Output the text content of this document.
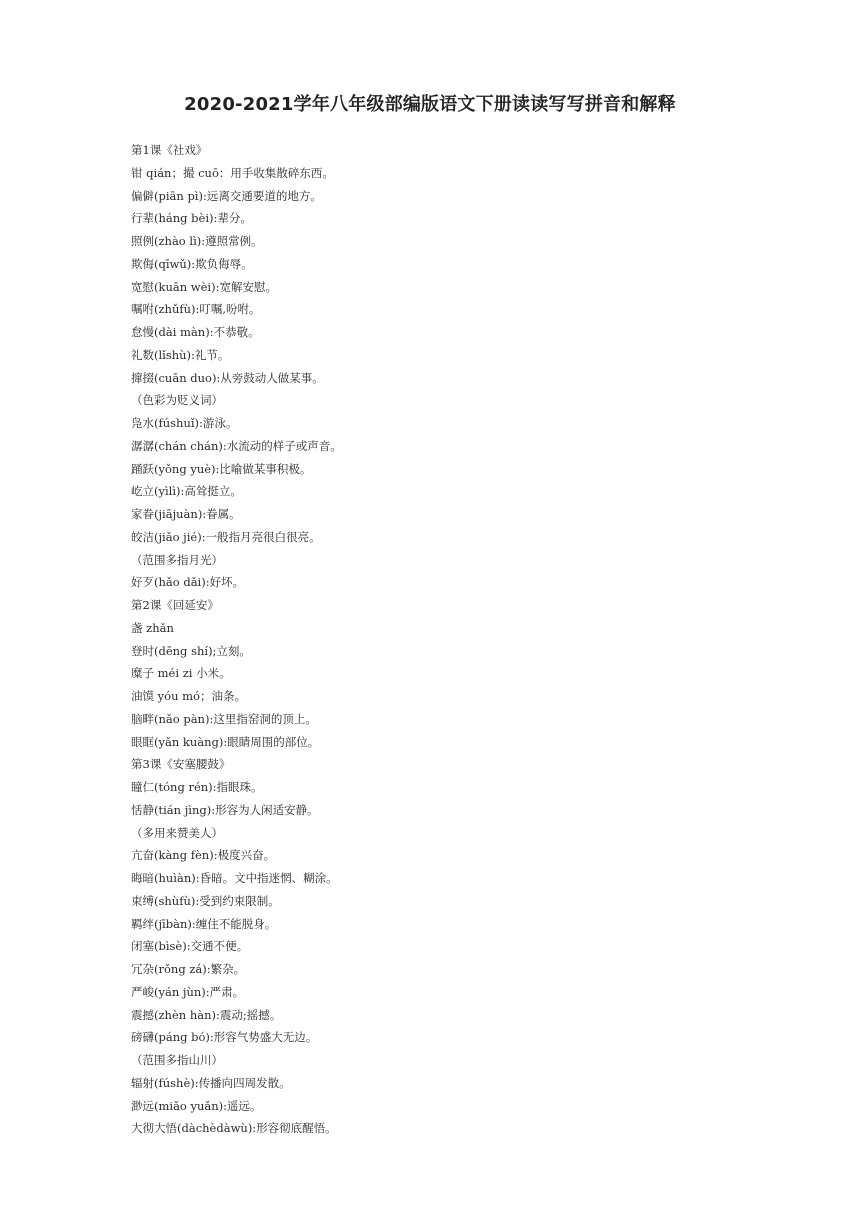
2020-2021学年八年级部编版语文下册读读写写拼音和解释
第1课《社戏》
钳 qián；撮 cuō：用手收集散碎东西。
偏僻(piān pì):远离交通要道的地方。
行辈(háng bèi):辈分。
照例(zhào lì):遵照常例。
欺侮(qīwǔ):欺负侮辱。
宽慰(kuān wèi):宽解安慰。
嘱咐(zhǔfù):叮嘱,吩咐。
怠慢(dài màn):不恭敬。
礼数(lǐshù):礼节。
撺掇(cuān duo):从旁鼓动人做某事。
（色彩为贬义词）
凫水(fúshuǐ):游泳。
潺潺(chán chán):水流动的样子或声音。
踊跃(yǒng yuè):比喻做某事积极。
屹立(yìlì):高耸挺立。
家眷(jiājuàn):眷属。
皎洁(jiǎo jié):一般指月亮很白很亮。
（范围多指月光）
好歹(hǎo dǎi):好坏。
第2课《回延安》
盏 zhǎn
登时(dēng shí);立刻。
糜子 méi zi 小米。
油馍 yóu mó；油条。
脑畔(nǎo pàn):这里指窑洞的顶上。
眼眶(yǎn kuàng):眼睛周围的部位。
第3课《安塞腰鼓》
瞳仁(tóng rén):指眼珠。
恬静(tián jìng):形容为人闲适安静。
（多用来赞美人）
亢奋(kàng fèn):极度兴奋。
晦暗(huìàn):昏暗。文中指迷惘、糊涂。
束缚(shùfù):受到约束限制。
羁绊(jībàn):缠住不能脱身。
闭塞(bìsè):交通不便。
冗杂(rǒng zá):繁杂。
严峻(yán jùn):严肃。
震撼(zhèn hàn):震动;摇撼。
磅礴(páng bó):形容气势盛大无边。
（范围多指山川）
辐射(fúshè):传播向四周发散。
渺远(miǎo yuǎn):遥远。
大彻大悟(dàchèdàwù):形容彻底醒悟。
